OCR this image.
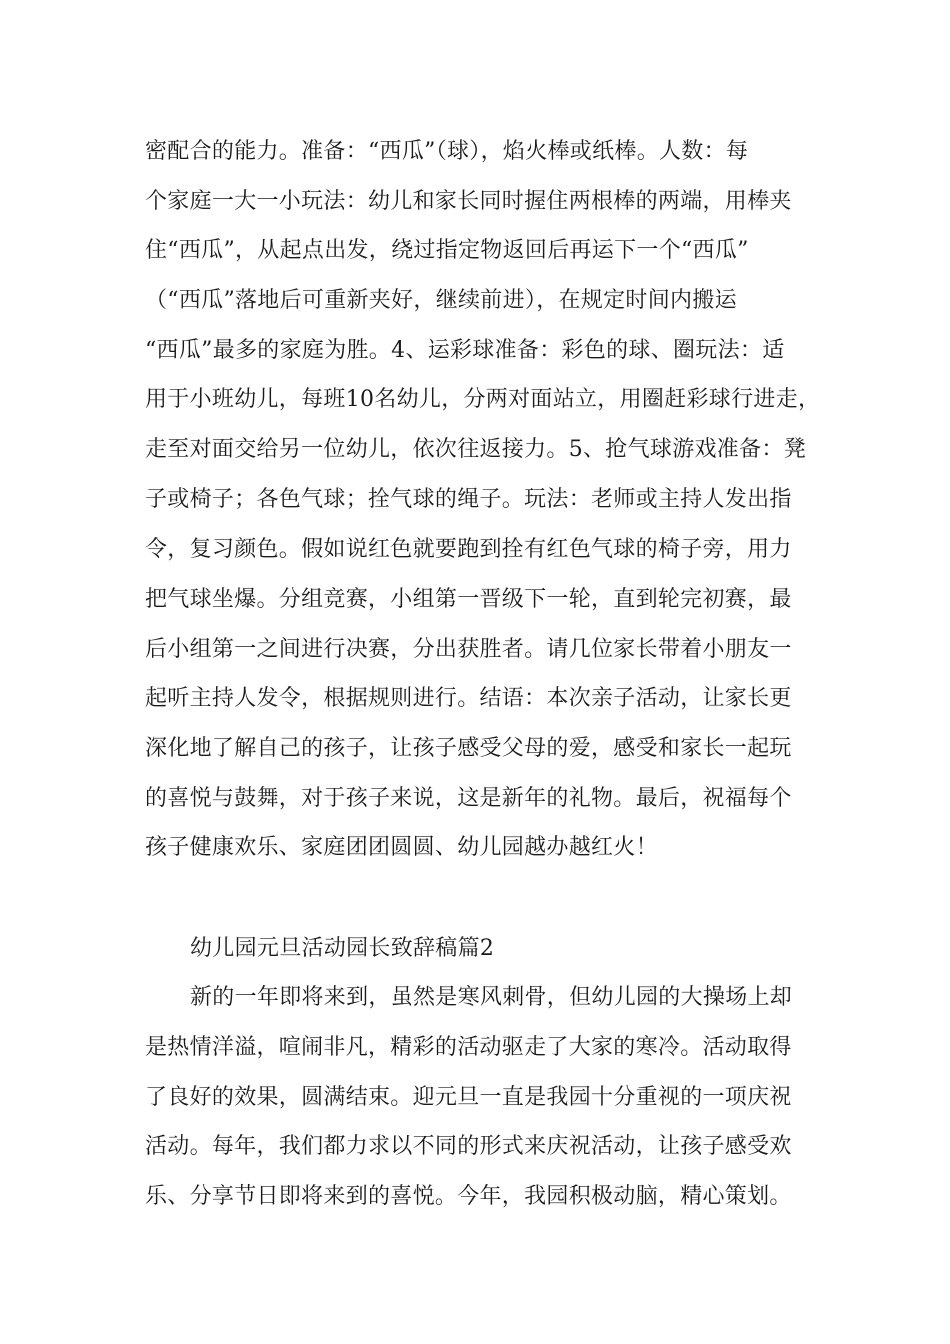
密配合的能力。准备：“西瓜”（球），焰火棒或纸棒。人数：每
个家庭一大一小玩法：幼儿和家长同时握住两根棒的两端，用棒夹
住“西瓜”，从起点出发，绕过指定物返回后再运下一个“西瓜”
（“西瓜”落地后可重新夹好，继续前进），在规定时间内搬运
“西瓜”最多的家庭为胜。4、运彩球准备：彩色的球、圈玩法：适
用于小班幼儿，每班10名幼儿，分两对面站立，用圈赶彩球行进走，
走至对面交给另一位幼儿，依次往返接力。5、抢气球游戏准备：凳
子或椅子；各色气球；拴气球的绳子。玩法：老师或主持人发出指
令，复习颜色。假如说红色就要跑到拴有红色气球的椅子旁，用力
把气球坐爆。分组竞赛，小组第一晋级下一轮，直到轮完初赛，最
后小组第一之间进行决赛，分出获胜者。请几位家长带着小朋友一
起听主持人发令，根据规则进行。结语：本次亲子活动，让家长更
深化地了解自己的孩子，让孩子感受父母的爱，感受和家长一起玩
的喜悦与鼓舞，对于孩子来说，这是新年的礼物。最后，祝福每个
孩子健康欢乐、家庭团团圆圆、幼儿园越办越红火！
幼儿园元旦活动园长致辞稿篇2
新的一年即将来到，虽然是寒风刺骨，但幼儿园的大操场上却
是热情洋溢，喧闹非凡，精彩的活动驱走了大家的寒冷。活动取得
了良好的效果，圆满结束。迎元旦一直是我园十分重视的一项庆祝
活动。每年，我们都力求以不同的形式来庆祝活动，让孩子感受欢
乐、分享节日即将来到的喜悦。今年，我园积极动脑，精心策划。
